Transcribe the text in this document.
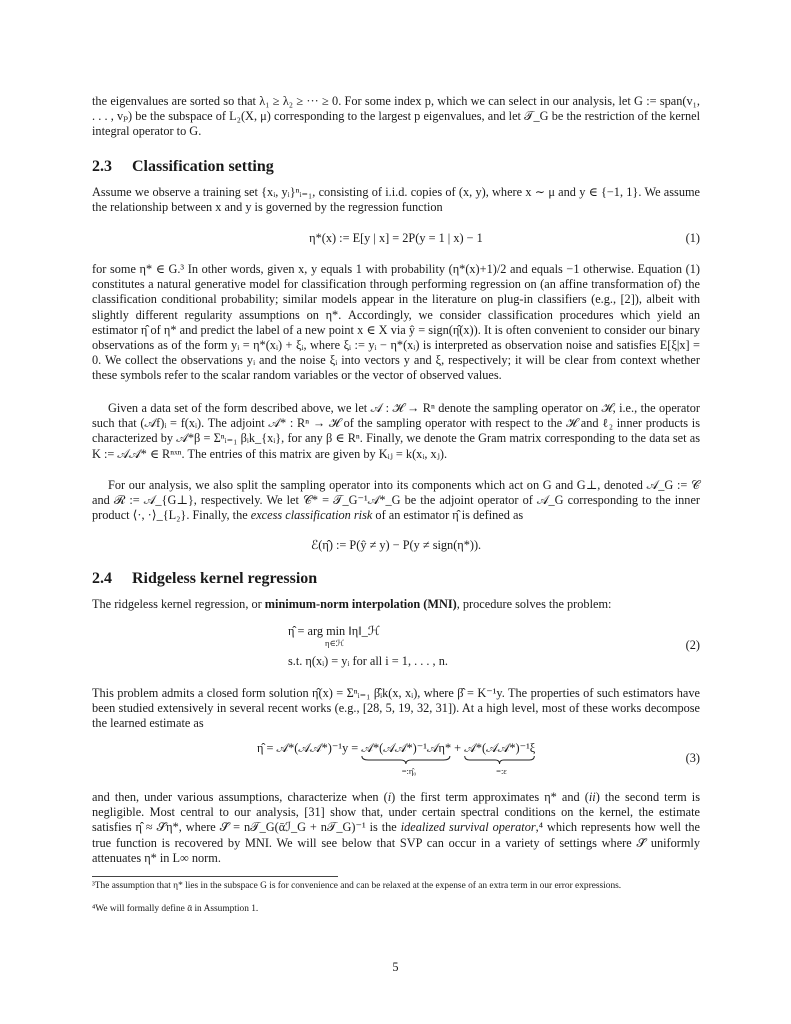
the eigenvalues are sorted so that λ₁ ≥ λ₂ ≥ ··· ≥ 0. For some index p, which we can select in our analysis, let G := span(v₁, . . . , vₚ) be the subspace of L₂(X, μ) corresponding to the largest p eigenvalues, and let 𝒯_G be the restriction of the kernel integral operator to G.
2.3 Classification setting
Assume we observe a training set {xᵢ, yᵢ}ⁿᵢ₌₁, consisting of i.i.d. copies of (x, y), where x ∼ μ and y ∈ {−1, 1}. We assume the relationship between x and y is governed by the regression function
η*(x) := E[y | x] = 2P(y = 1 | x) − 1	(1)
for some η* ∈ G.³ In other words, given x, y equals 1 with probability (η*(x)+1)/2 and equals −1 otherwise. Equation (1) constitutes a natural generative model for classification through performing regression on (an affine transformation of) the classification conditional probability; similar models appear in the literature on plug-in classifiers (e.g., [2]), albeit with slightly different regularity assumptions on η*. Accordingly, we consider classification procedures which yield an estimator η̂ of η* and predict the label of a new point x ∈ X via ŷ = sign(η̂(x)). It is often convenient to consider our binary observations as of the form yᵢ = η*(xᵢ) + ξᵢ, where ξᵢ := yᵢ − η*(xᵢ) is interpreted as observation noise and satisfies E[ξ|x] = 0. We collect the observations yᵢ and the noise ξᵢ into vectors y and ξ, respectively; it will be clear from context whether these symbols refer to the scalar random variables or the vector of observed values.
Given a data set of the form described above, we let 𝒜 : ℋ → Rⁿ denote the sampling operator on ℋ, i.e., the operator such that (𝒜f)ᵢ = f(xᵢ). The adjoint 𝒜* : Rⁿ → ℋ of the sampling operator with respect to the ℋ and ℓ₂ inner products is characterized by 𝒜*β = Σⁿᵢ₌₁ βᵢk_{xᵢ}, for any β ∈ Rⁿ. Finally, we denote the Gram matrix corresponding to the data set as K := 𝒜𝒜* ∈ Rⁿˣⁿ. The entries of this matrix are given by Kᵢⱼ = k(xᵢ, xⱼ).
For our analysis, we also split the sampling operator into its components which act on G and G⊥, denoted 𝒜_G := 𝒞 and ℛ := 𝒜_{G⊥}, respectively. We let 𝒞* = 𝒯_G⁻¹𝒜*_G be the adjoint operator of 𝒜_G corresponding to the inner product ⟨·, ·⟩_{L₂}. Finally, the excess classification risk of an estimator η̂ is defined as
ℰ(η̂) := P(ŷ ≠ y) − P(y ≠ sign(η*)).
2.4 Ridgeless kernel regression
The ridgeless kernel regression, or minimum-norm interpolation (MNI), procedure solves the problem:
η̂ = arg min ‖η‖_ℋ
η∈ℋ
s.t. η(xᵢ) = yᵢ for all i = 1, . . . , n.
(2)
This problem admits a closed form solution η̂(x) = Σⁿᵢ₌₁ β̂ᵢk(x, xᵢ), where β̂ = K⁻¹y. The properties of such estimators have been studied extensively in several recent works (e.g., [28, 5, 19, 32, 31]). At a high level, most of these works decompose the learned estimate as
η̂ = 𝒜*(𝒜𝒜*)⁻¹y = 𝒜*(𝒜𝒜*)⁻¹𝒜η*
=:η̂₀
+ 𝒜*(𝒜𝒜*)⁻¹ξ
=:ε
(3)
and then, under various assumptions, characterize when (i) the first term approximates η* and (ii) the second term is negligible. Most central to our analysis, [31] show that, under certain spectral conditions on the kernel, the estimate satisfies η̂ ≈ 𝒮̄η*, where 𝒮̄ = n𝒯_G(ᾱℐ_G + n𝒯_G)⁻¹ is the idealized survival operator,⁴ which represents how well the true function is recovered by MNI. We will see below that SVP can occur in a variety of settings where 𝒮̄ uniformly attenuates η* in L∞ norm.
³The assumption that η* lies in the subspace G is for convenience and can be relaxed at the expense of an extra term in our error expressions.
⁴We will formally define ᾱ in Assumption 1.
5
